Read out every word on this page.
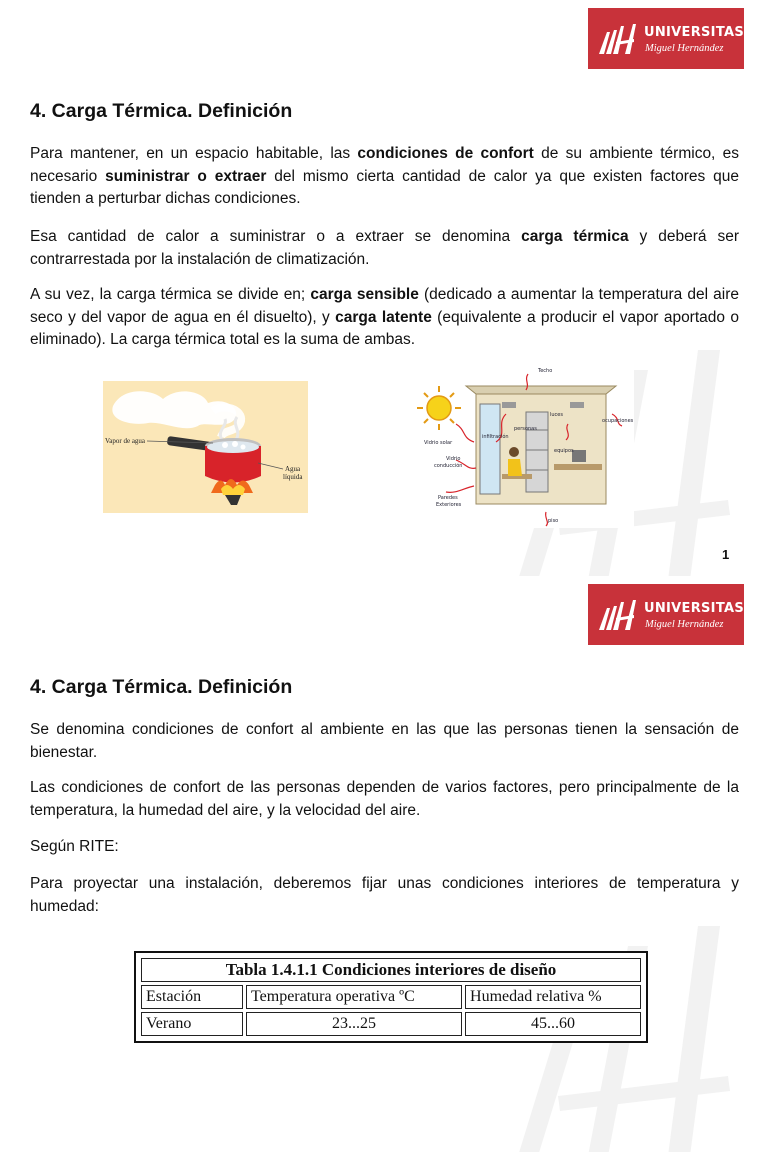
UNIVERSITAS
Miguel Hernández
4. Carga Térmica. Definición

Para mantener, en un espacio habitable, las condiciones de confort de su ambiente térmico, es necesario suministrar o extraer del mismo cierta cantidad de calor ya que existen factores que tienden a perturbar dichas condiciones.

Esa cantidad de calor a suministrar o a extraer se denomina carga térmica y deberá ser contrarrestada por la instalación de climatización.

A su vez, la carga térmica se divide en; carga sensible (dedicado a aumentar la temperatura del aire seco y del vapor de agua en él disuelto), y carga latente (equivalente a producir el vapor aportado o eliminado). La carga térmica total es la suma de ambas.

Vapor de agua
Agua
líquida
Techo
luces
ocupaciones
personas
Vidrio solar
infiltración
equipos
Vidrio
conducción
Paredes
Exteriores
piso
1
UNIVERSITAS
Miguel Hernández
4. Carga Térmica. Definición

Se denomina condiciones de confort al ambiente en las que las personas tienen la sensación de bienestar.

Las condiciones de confort de las personas dependen de varios factores, pero principalmente de la temperatura, la humedad del aire, y la velocidad del aire.

Según RITE:

Para proyectar una instalación, deberemos fijar unas condiciones interiores de temperatura y humedad:

Tabla 1.4.1.1 Condiciones interiores de diseño		
Estación	Temperatura operativa ºC	Humedad relativa %
Verano	23...25	45...60
